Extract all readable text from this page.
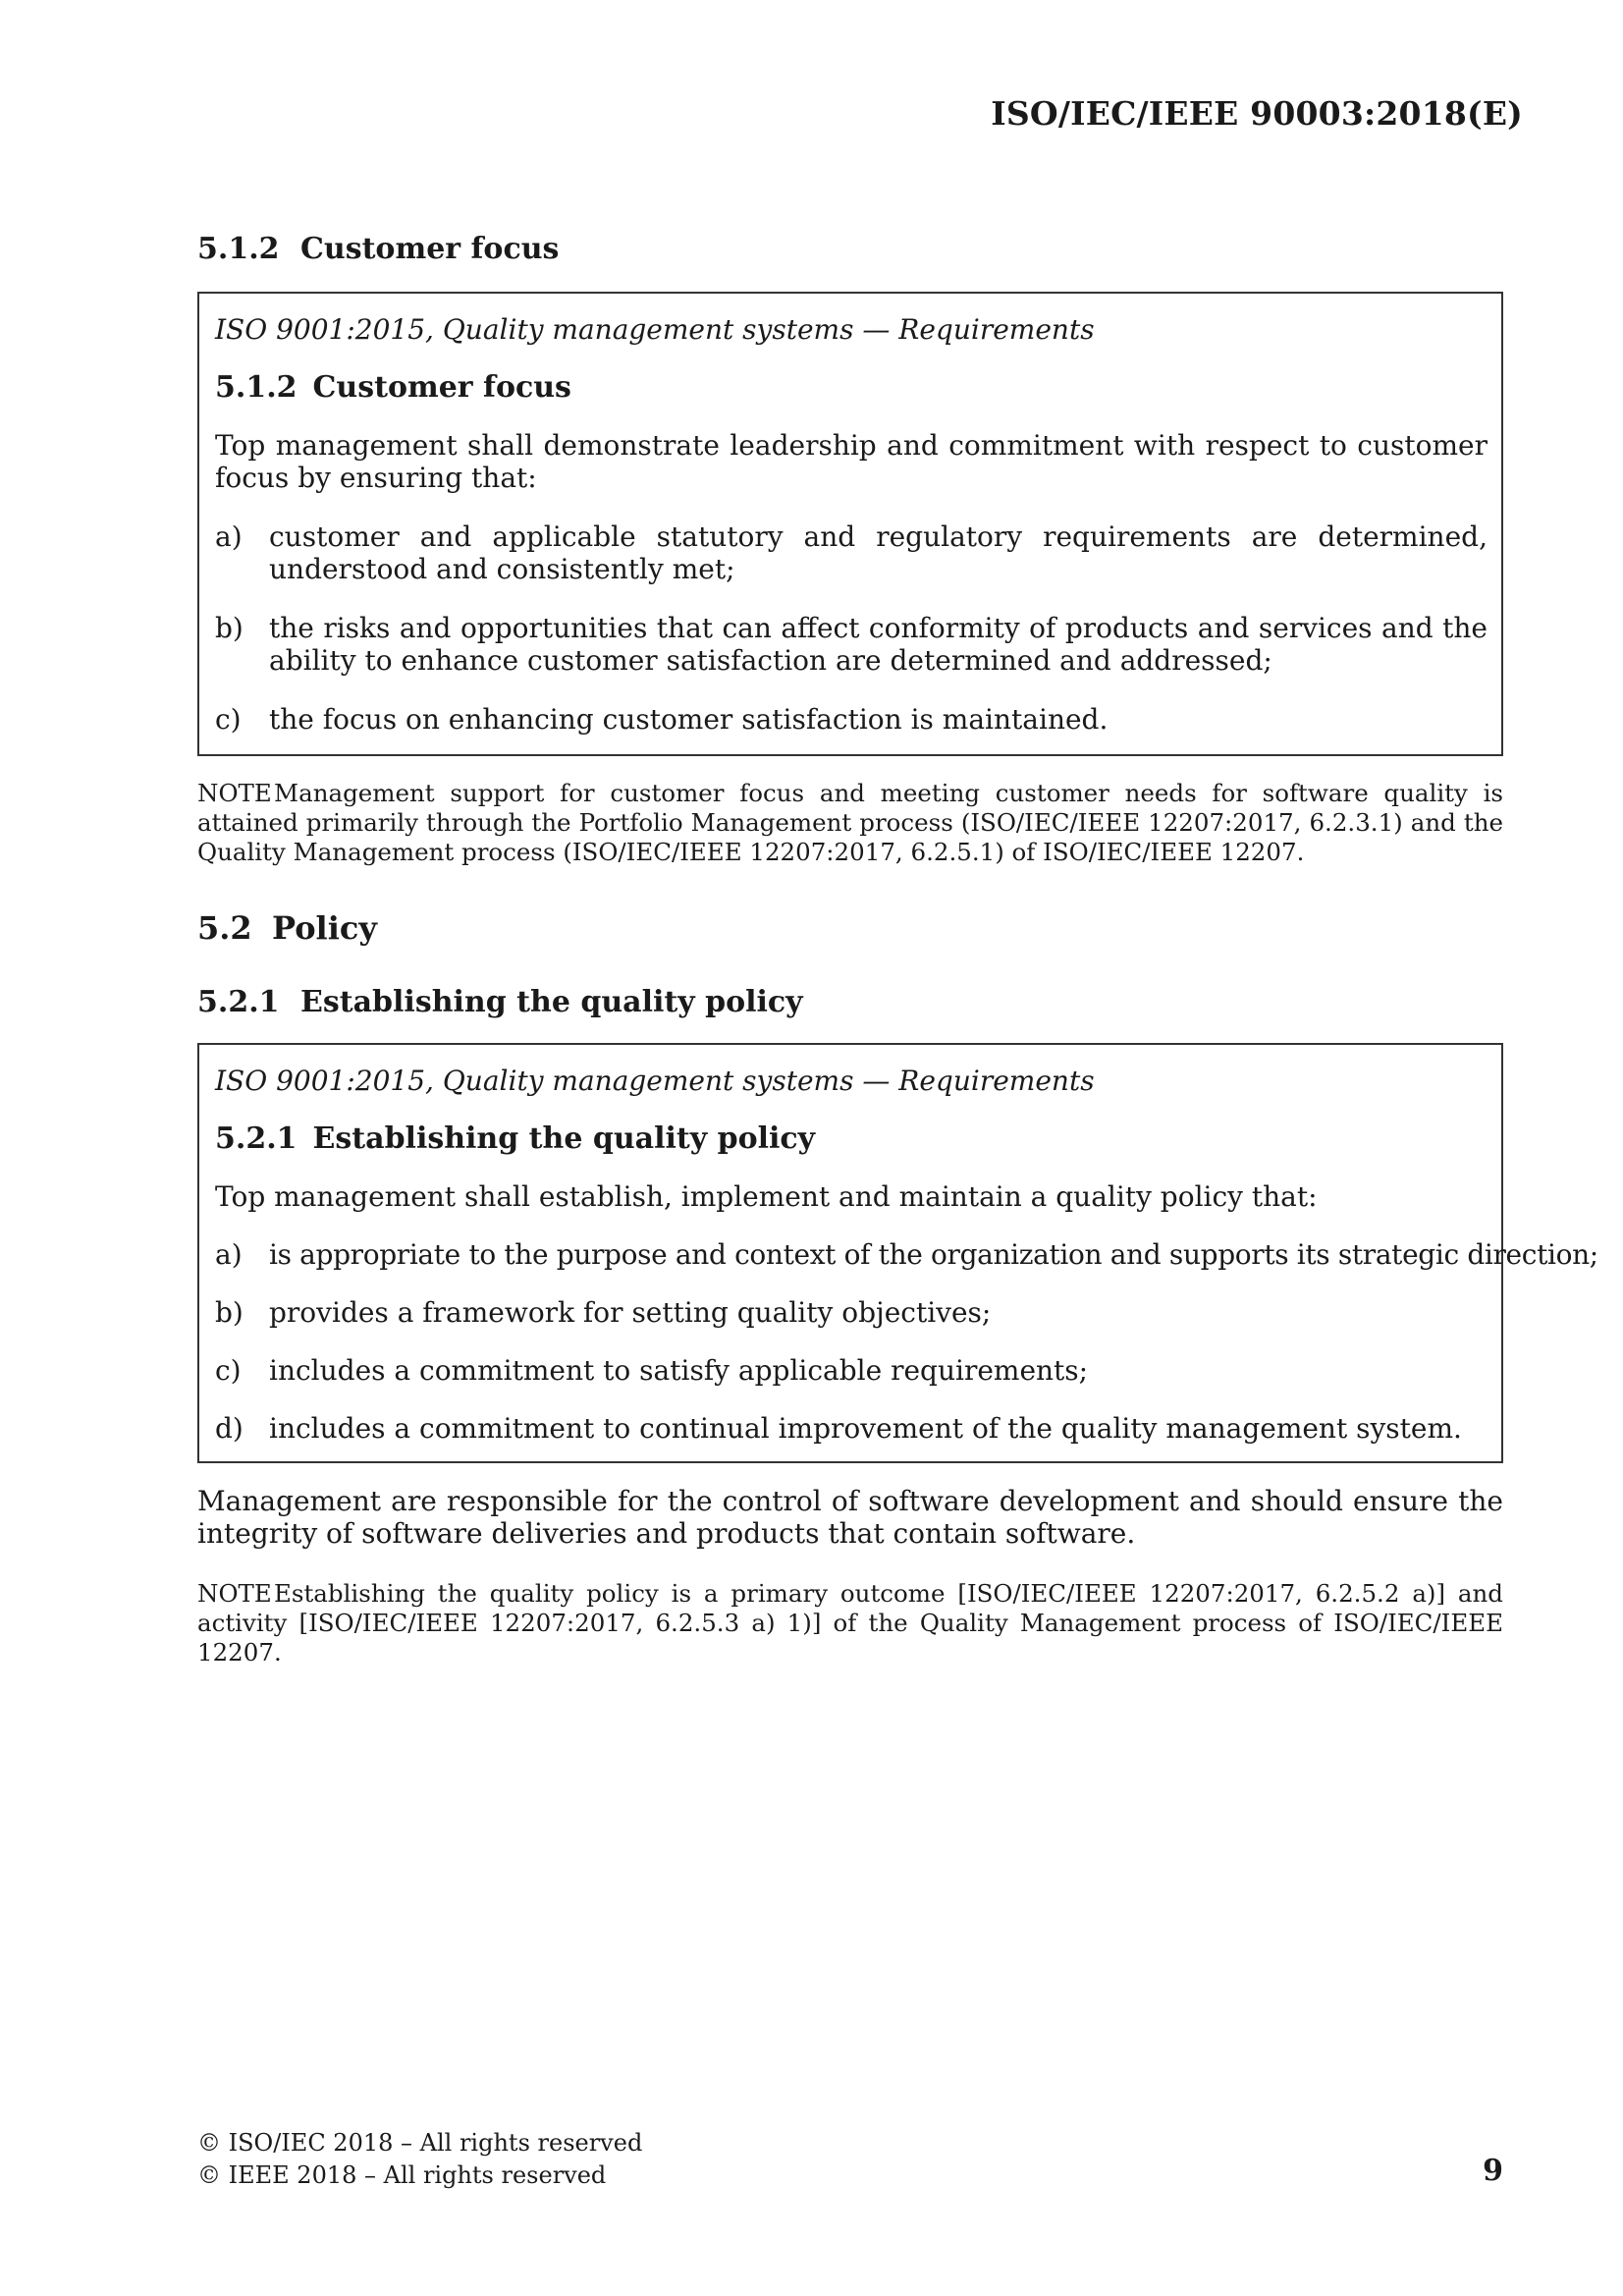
ISO/IEC/IEEE 90003:2018(E)
5.1.2 Customer focus
ISO 9001:2015, Quality management systems — Requirements
5.1.2 Customer focus
Top management shall demonstrate leadership and commitment with respect to customer focus by ensuring that:
a) customer and applicable statutory and regulatory requirements are determined, understood and consistently met;
b) the risks and opportunities that can affect conformity of products and services and the ability to enhance customer satisfaction are determined and addressed;
c) the focus on enhancing customer satisfaction is maintained.
NOTEManagement support for customer focus and meeting customer needs for software quality is attained primarily through the Portfolio Management process (ISO/IEC/IEEE 12207:2017, 6.2.3.1) and the Quality Management process (ISO/IEC/IEEE 12207:2017, 6.2.5.1) of ISO/IEC/IEEE 12207.
5.2 Policy
5.2.1 Establishing the quality policy
ISO 9001:2015, Quality management systems — Requirements
5.2.1 Establishing the quality policy
Top management shall establish, implement and maintain a quality policy that:
a) is appropriate to the purpose and context of the organization and supports its strategic direction;
b) provides a framework for setting quality objectives;
c) includes a commitment to satisfy applicable requirements;
d) includes a commitment to continual improvement of the quality management system.
Management are responsible for the control of software development and should ensure the integrity of software deliveries and products that contain software.
NOTEEstablishing the quality policy is a primary outcome [ISO/IEC/IEEE 12207:2017, 6.2.5.2 a)] and activity [ISO/IEC/IEEE 12207:2017, 6.2.5.3 a) 1)] of the Quality Management process of ISO/IEC/IEEE 12207.
© ISO/IEC 2018 – All rights reserved
© IEEE 2018 – All rights reserved	9
